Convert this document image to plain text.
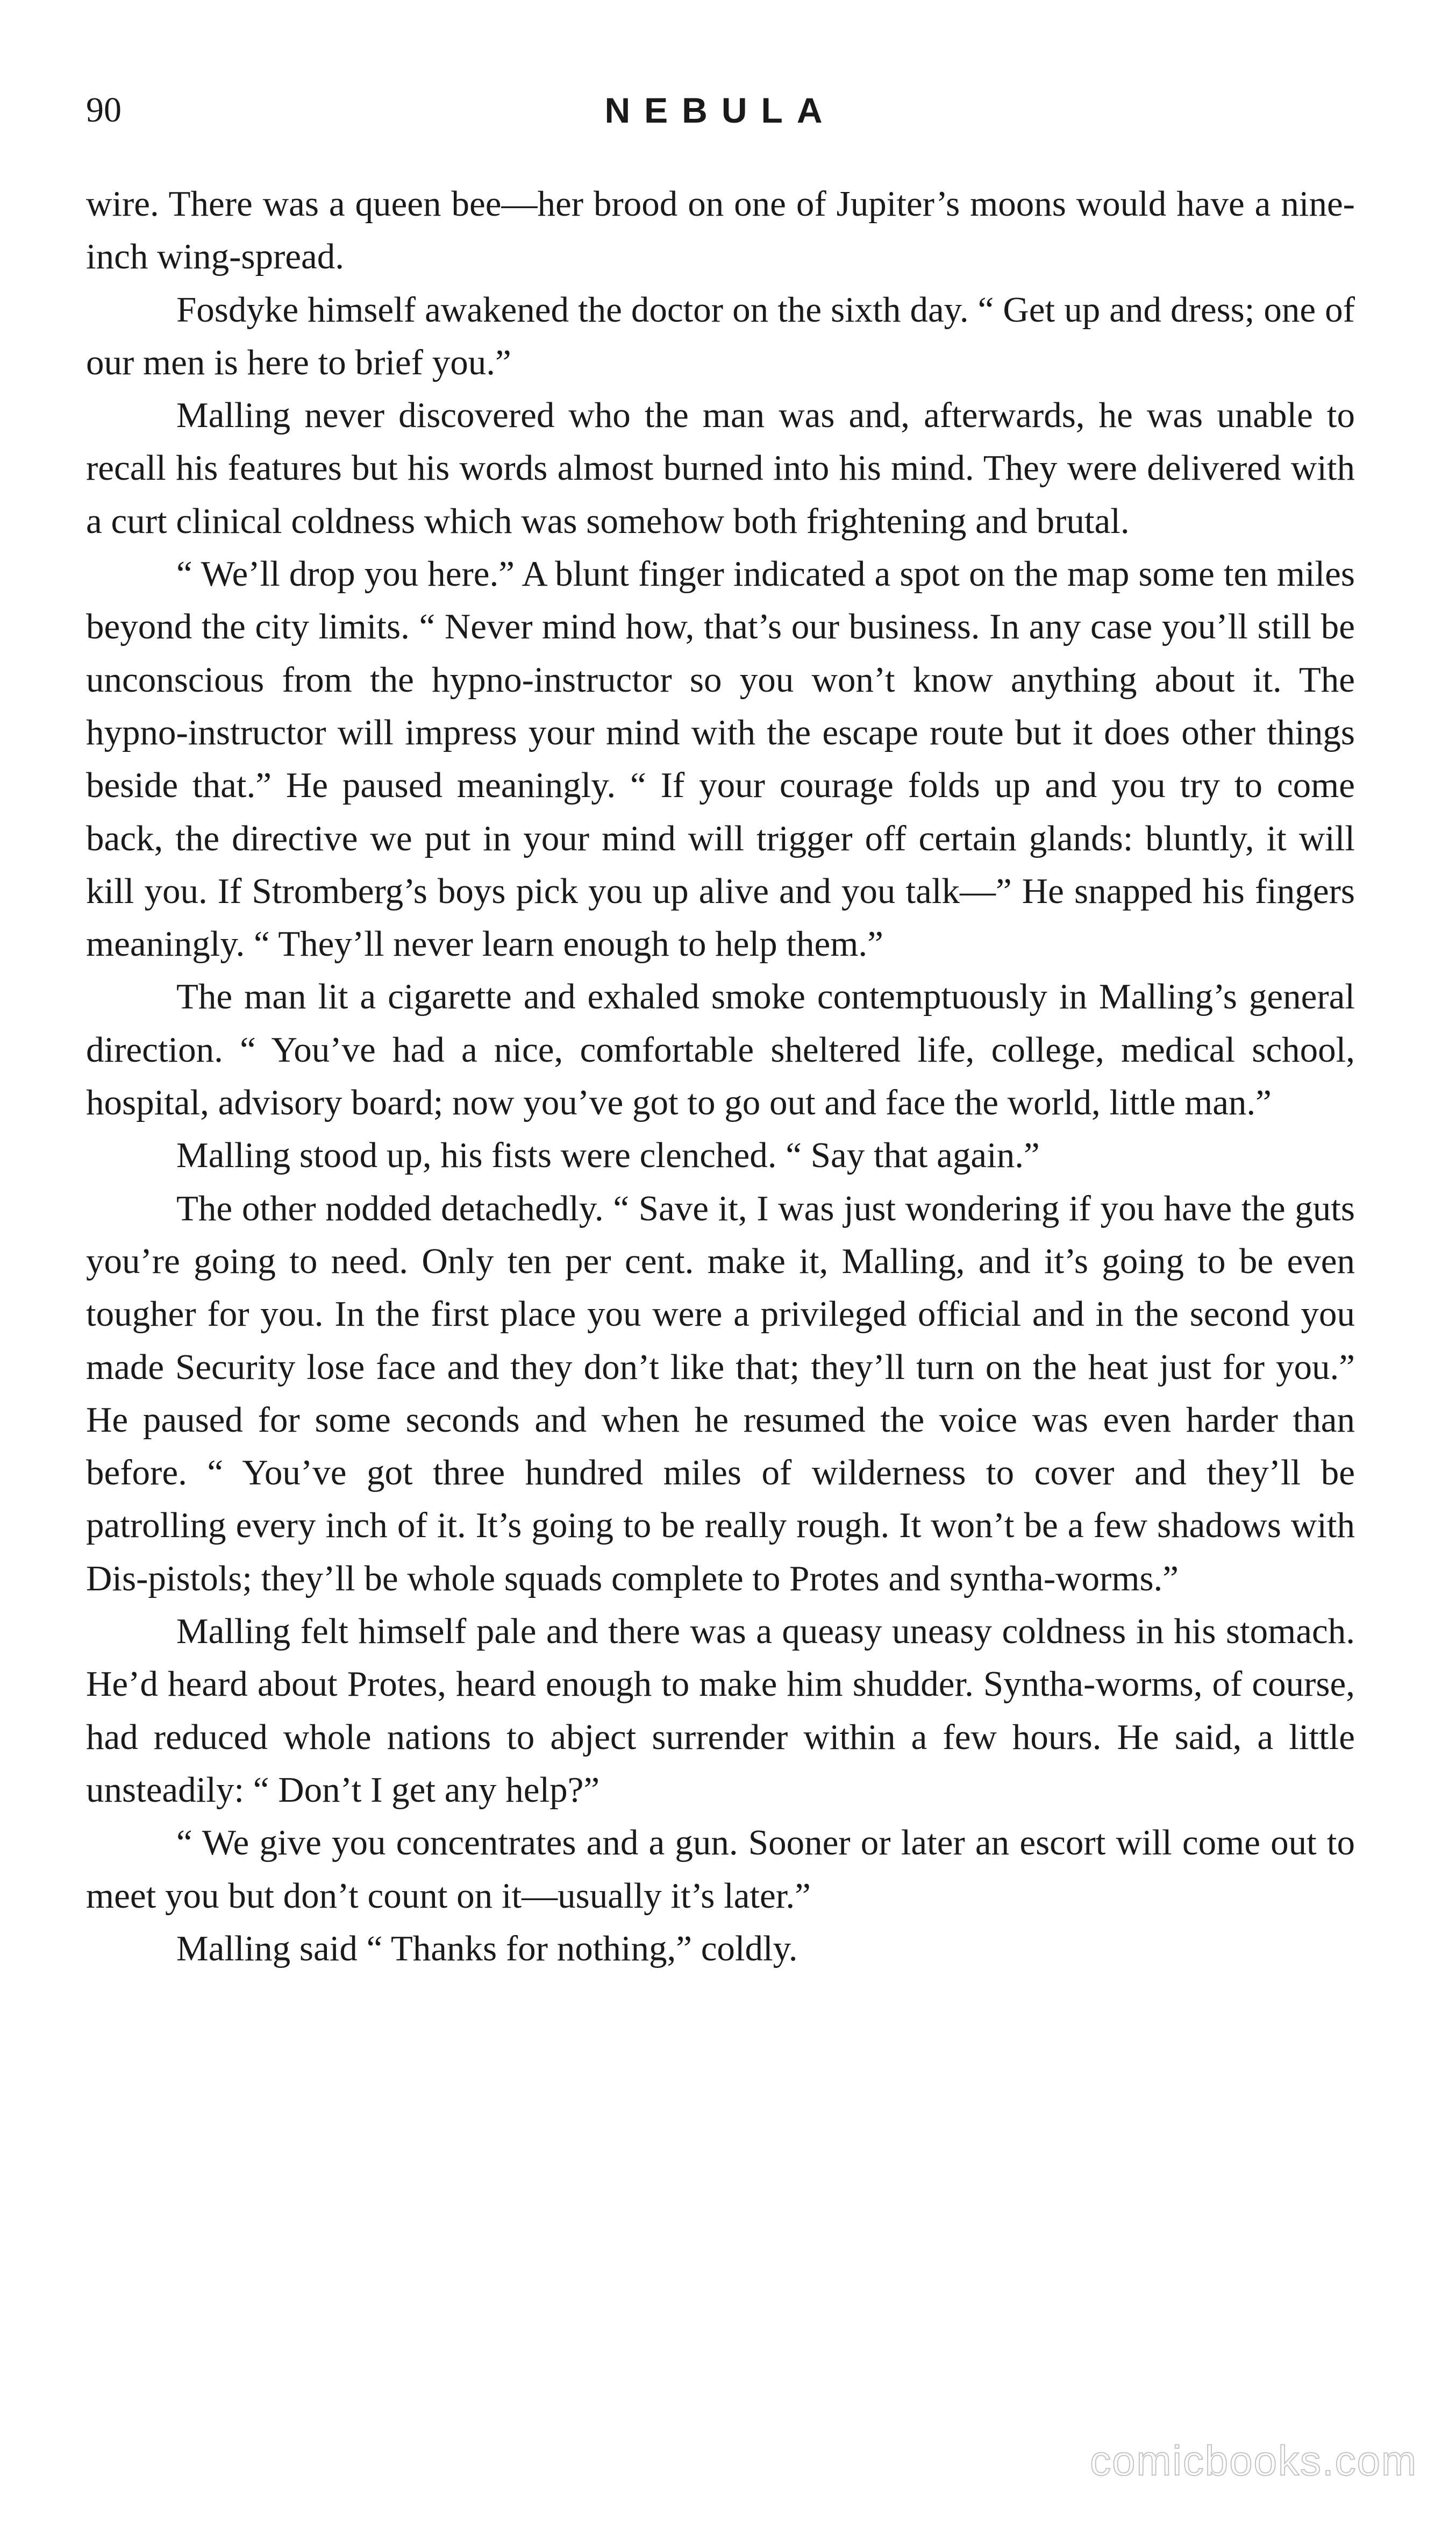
90	NEBULA

wire. There was a queen bee—her brood on one of Jupiter’s moons would have a nine-inch wing-spread.

Fosdyke himself awakened the doctor on the sixth day. “ Get up and dress; one of our men is here to brief you.”

Malling never discovered who the man was and, afterwards, he was unable to recall his features but his words almost burned into his mind. They were delivered with a curt clinical coldness which was somehow both frightening and brutal.

“ We’ll drop you here.” A blunt finger indicated a spot on the map some ten miles beyond the city limits. “ Never mind how, that’s our business. In any case you’ll still be unconscious from the hypno-instructor so you won’t know anything about it. The hypno-instructor will impress your mind with the escape route but it does other things beside that.” He paused meaningly. “ If your courage folds up and you try to come back, the directive we put in your mind will trigger off certain glands: bluntly, it will kill you. If Stromberg’s boys pick you up alive and you talk—” He snapped his fingers meaningly. “ They’ll never learn enough to help them.”

The man lit a cigarette and exhaled smoke contemptuously in Malling’s general direction. “ You’ve had a nice, comfortable sheltered life, college, medical school, hospital, advisory board; now you’ve got to go out and face the world, little man.”

Malling stood up, his fists were clenched. “ Say that again.”

The other nodded detachedly. “ Save it, I was just wondering if you have the guts you’re going to need. Only ten per cent. make it, Malling, and it’s going to be even tougher for you. In the first place you were a privileged official and in the second you made Security lose face and they don’t like that; they’ll turn on the heat just for you.” He paused for some seconds and when he resumed the voice was even harder than before. “ You’ve got three hundred miles of wilderness to cover and they’ll be patrolling every inch of it. It’s going to be really rough. It won’t be a few shadows with Dis-pistols; they’ll be whole squads complete to Protes and syntha-worms.”

Malling felt himself pale and there was a queasy uneasy coldness in his stomach. He’d heard about Protes, heard enough to make him shudder. Syntha-worms, of course, had reduced whole nations to abject surrender within a few hours. He said, a little unsteadily: “ Don’t I get any help?”

“ We give you concentrates and a gun. Sooner or later an escort will come out to meet you but don’t count on it—usually it’s later.”

Malling said “ Thanks for nothing,” coldly.

comicbooks.com
